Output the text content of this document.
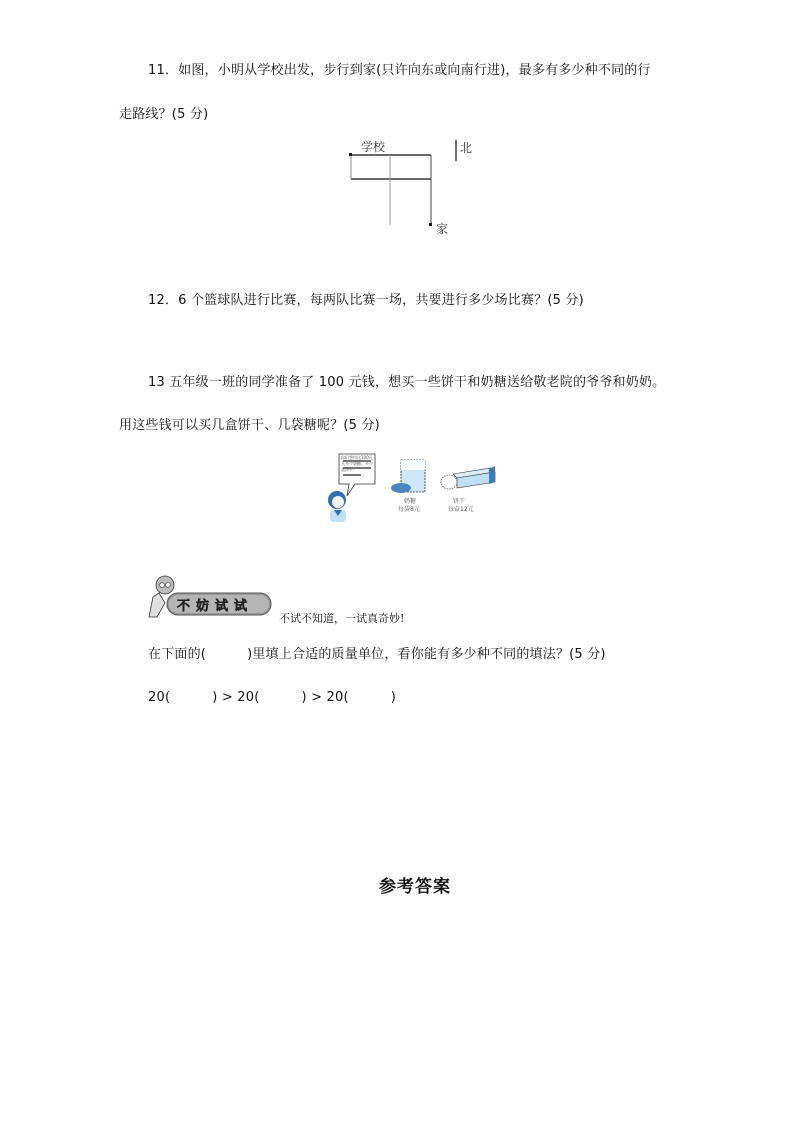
11．如图，小明从学校出发，步行到家(只许向东或向南行进)，最多有多少种不同的行
走路线？(5 分)
学校
家
北
12．6 个篮球队进行比赛，每两队比赛一场，共要进行多少场比赛？(5 分)
13 五年级一班的同学准备了 100 元钱，想买一些饼干和奶糖送给敬老院的爷爷和奶奶。
用这些钱可以买几盒饼干、几袋糖呢？(5 分)
奶糖
每袋8元
饼干
每盒12元
你们想用这100元买多少袋糖、多少盒饼干？
不妨试试
不试不知道，一试真奇妙!
在下面的(	)里填上合适的质量单位，看你能有多少种不同的填法？(5 分)
20(	) > 20(	) > 20(	)
参考答案
